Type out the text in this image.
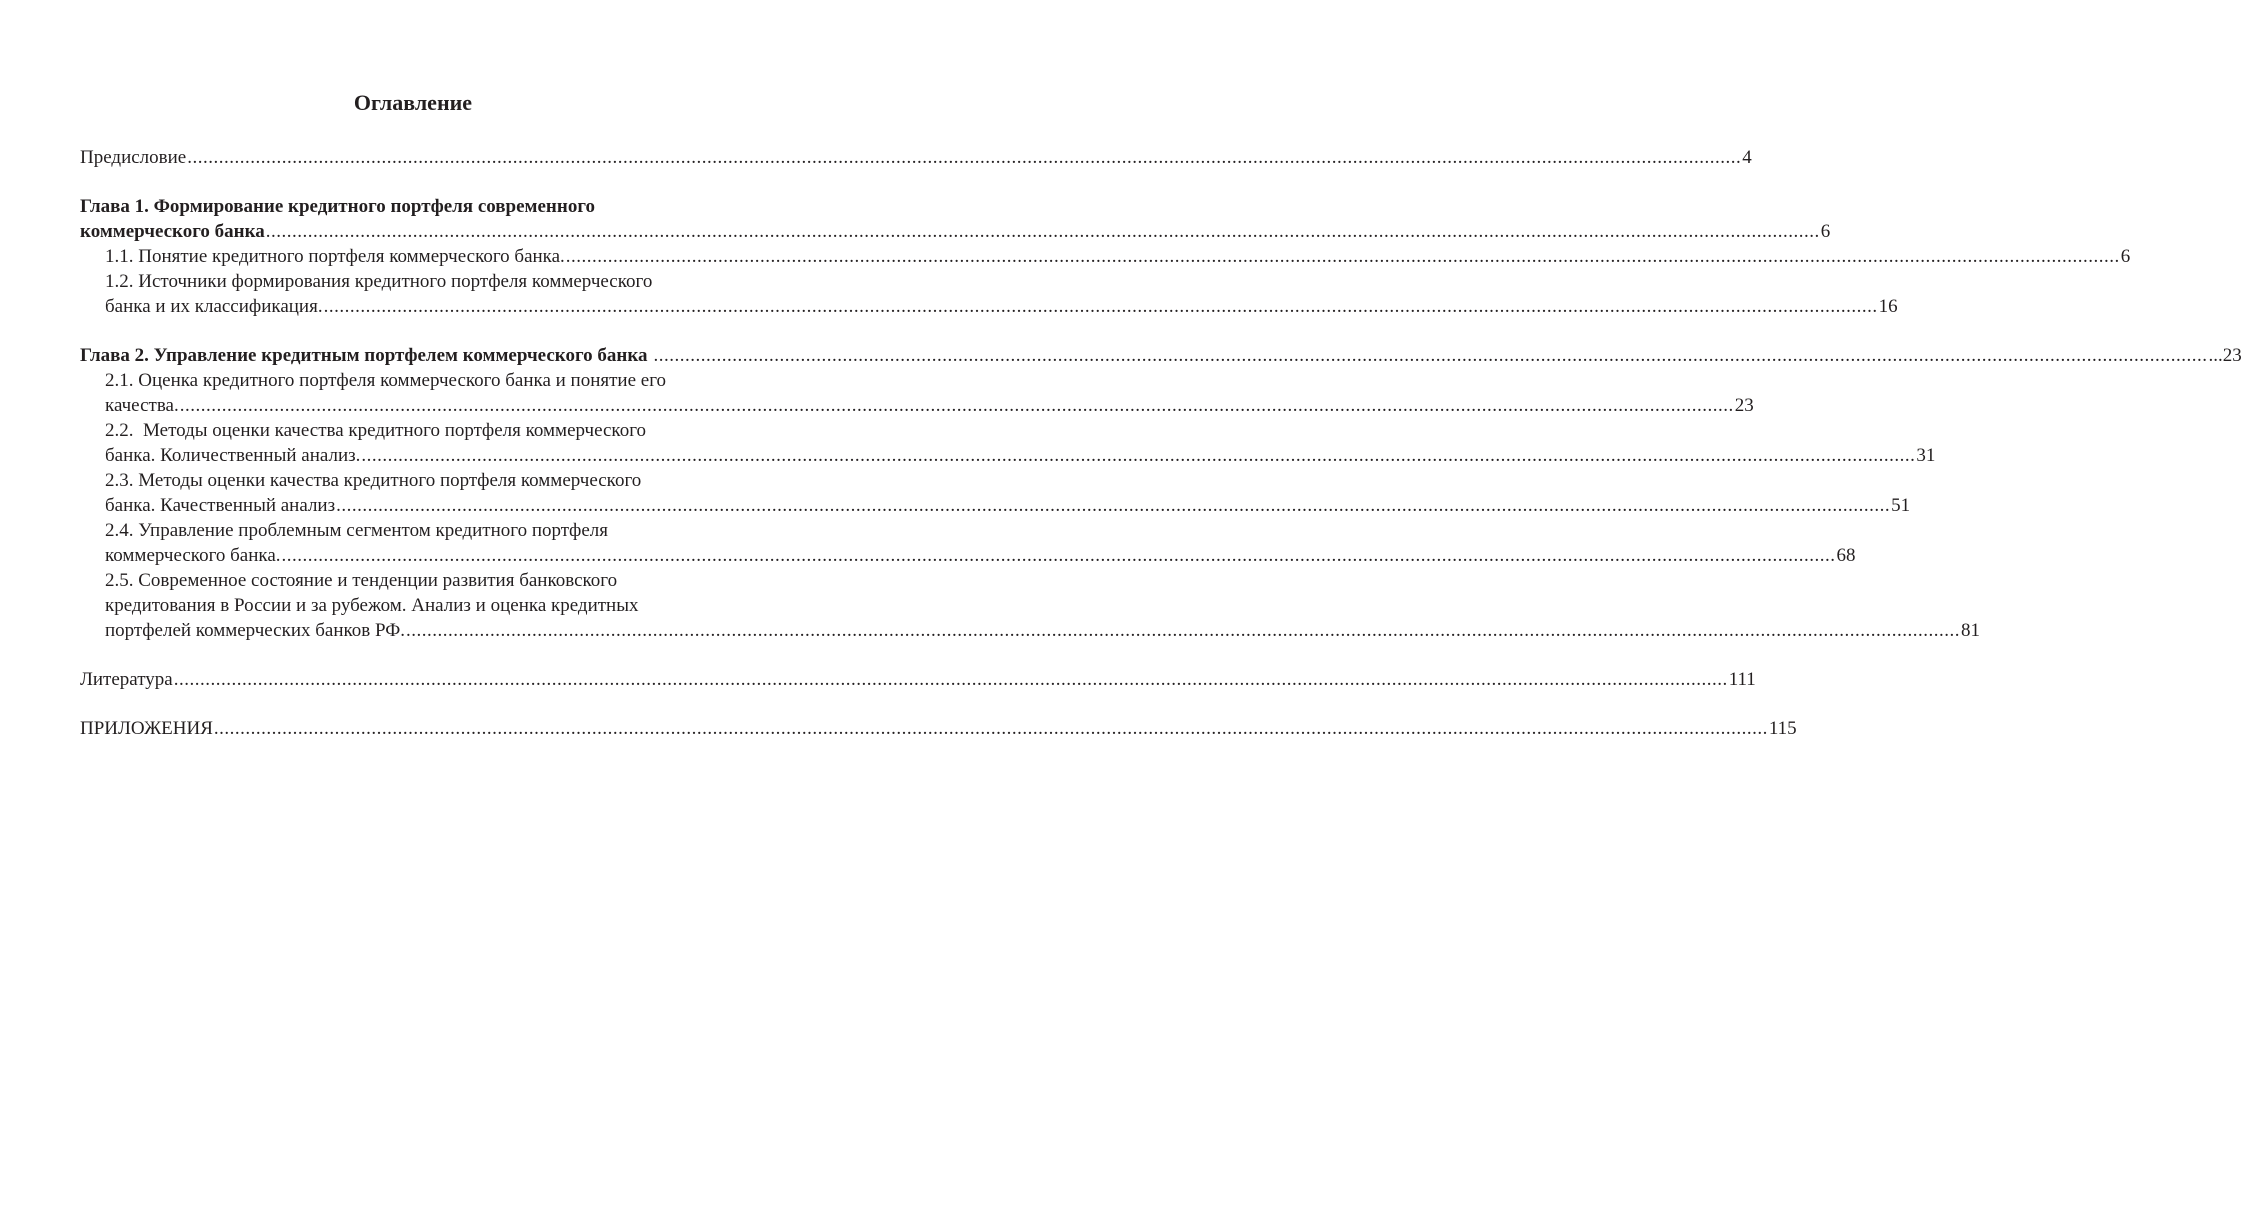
Оглавление
Предисловие .....	4
Глава 1. Формирование кредитного портфеля современного
коммерческого банка .....	6
1.1. Понятие кредитного портфеля коммерческого банка. .....	6
1.2. Источники формирования кредитного портфеля коммерческого
банка и их классификация. .....	16
Глава 2. Управление кредитным портфелем коммерческого банка .....	...23
2.1. Оценка кредитного портфеля коммерческого банка и понятие его
качества. .....	23
2.2.  Методы оценки качества кредитного портфеля коммерческого
банка. Количественный анализ. .....	31
2.3. Методы оценки качества кредитного портфеля коммерческого
банка. Качественный анализ .....	51
2.4. Управление проблемным сегментом кредитного портфеля
коммерческого банка. .....	68
2.5. Современное состояние и тенденции развития банковского
кредитования в России и за рубежом. Анализ и оценка кредитных
портфелей коммерческих банков РФ. .....	81
Литература .....	111
ПРИЛОЖЕНИЯ .....	115
